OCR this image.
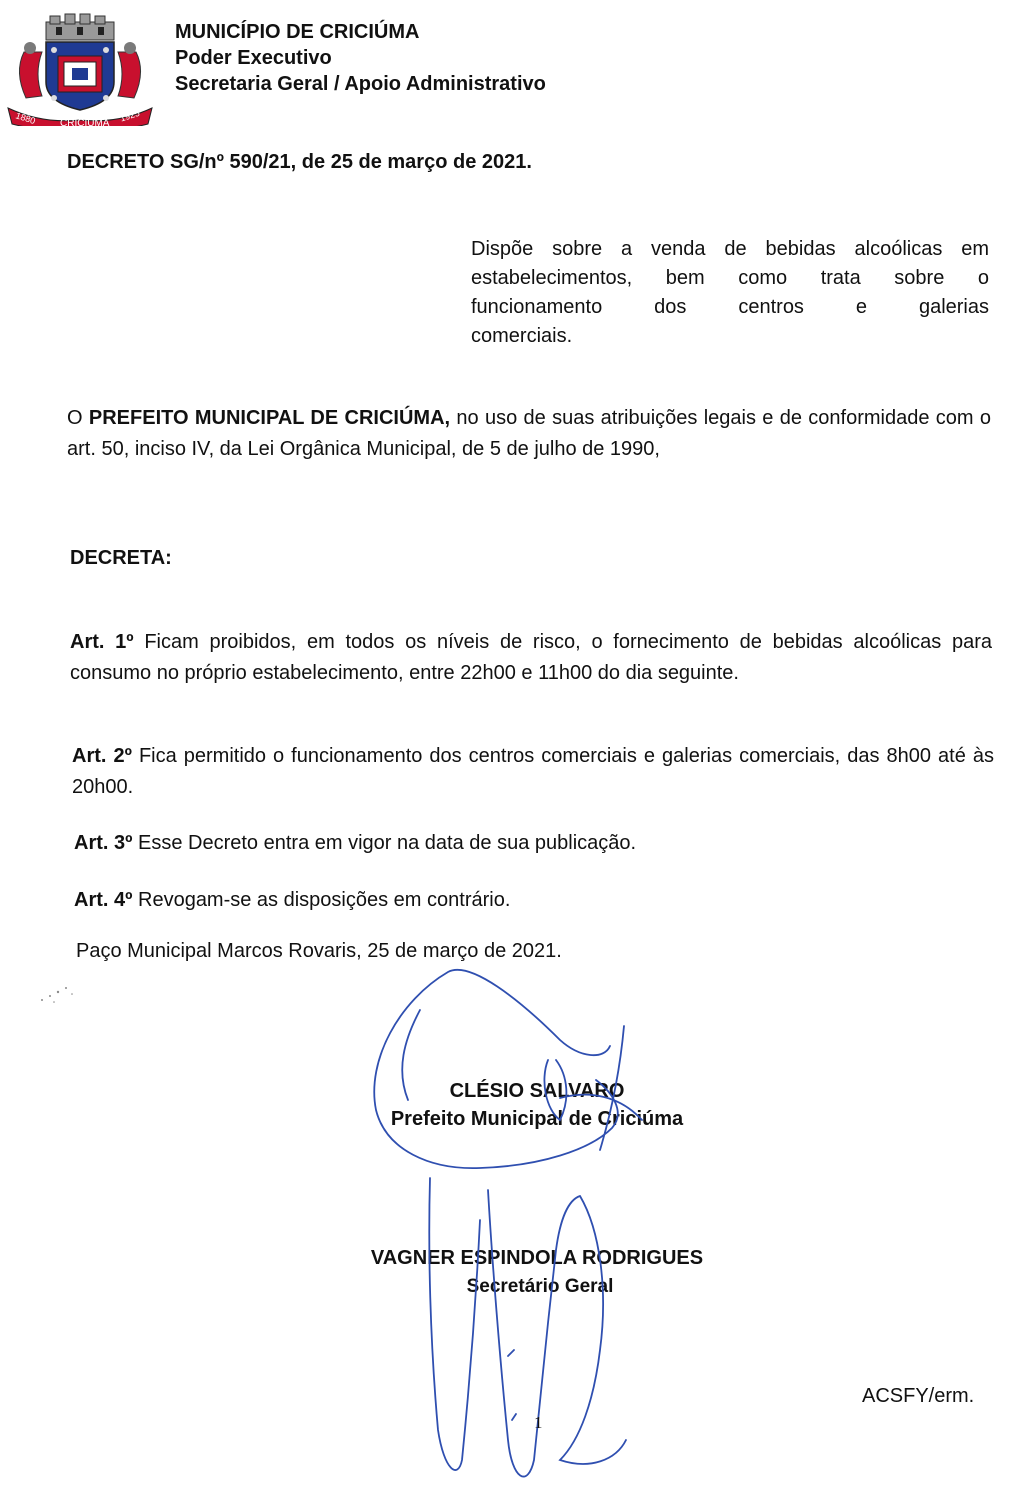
1880 CRICIÚMA 1925
MUNICÍPIO DE CRICIÚMA
Poder Executivo
Secretaria Geral / Apoio Administrativo
DECRETO SG/nº 590/21, de 25 de março de 2021.
Dispõe sobre a venda de bebidas alcoólicas em
estabelecimentos, bem como trata sobre o
funcionamento dos centros e galerias
comerciais.
O PREFEITO MUNICIPAL DE CRICIÚMA, no uso de suas atribuições legais e de conformidade com o art. 50, inciso IV, da Lei Orgânica Municipal, de 5 de julho de 1990,
DECRETA:
Art. 1º Ficam proibidos, em todos os níveis de risco, o fornecimento de bebidas alcoólicas para consumo no próprio estabelecimento, entre 22h00 e 11h00 do dia seguinte.
Art. 2º Fica permitido o funcionamento dos centros comerciais e galerias comerciais, das 8h00 até às 20h00.
Art. 3º Esse Decreto entra em vigor na data de sua publicação.
Art. 4º Revogam-se as disposições em contrário.
Paço Municipal Marcos Rovaris, 25 de março de 2021.
CLÉSIO SALVARO
Prefeito Municipal de Criciúma
VAGNER ESPINDOLA RODRIGUES
Secretário Geral
ACSFY/erm.
1
